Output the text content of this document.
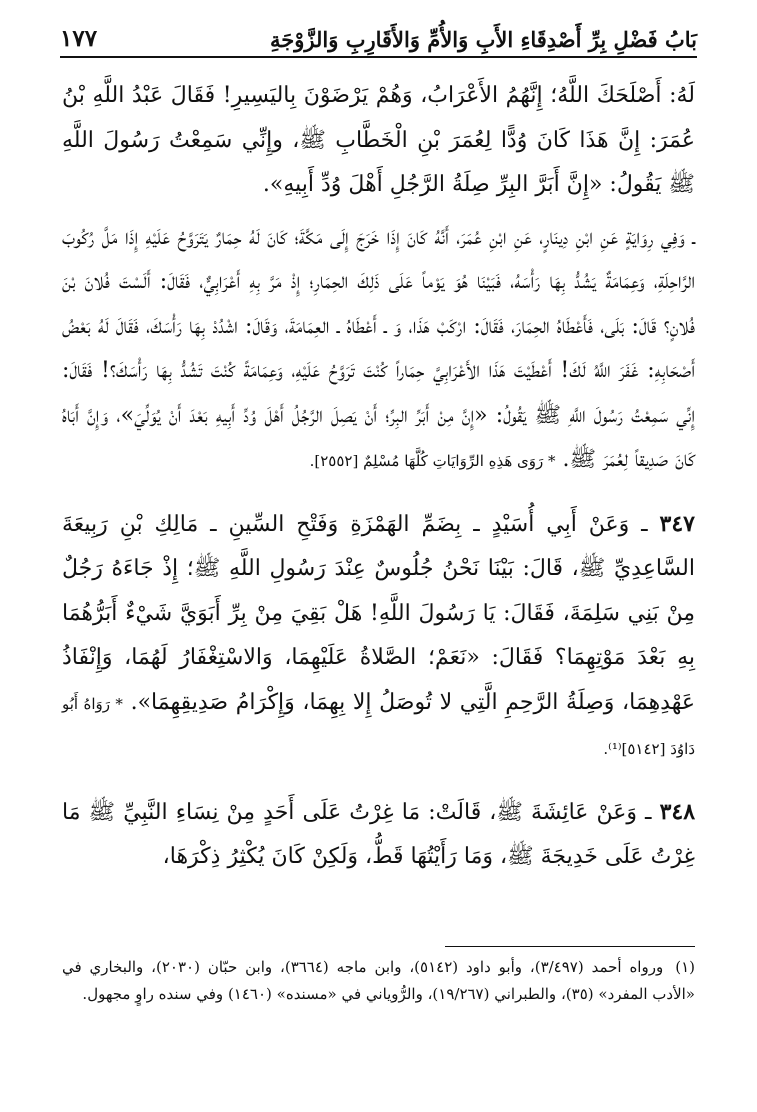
بَابُ فَضْلِ بِرِّ أَصْدِقَاءِ الأَبِ وَالأُمِّ وَالأَقَارِبِ وَالزَّوْجَةِ
١٧٧

لَهُ: أَصْلَحَكَ اللَّهُ؛ إِنَّهُمُ الأَعْرَابُ، وَهُمْ يَرْضَوْنَ بِاليَسِيرِ! فَقَالَ عَبْدُ اللَّهِ بْنُ عُمَرَ: إِنَّ هَذَا كَانَ وُدًّا لِعُمَرَ بْنِ الْخَطَّابِ ﷺ، وإِنِّي سَمِعْتُ رَسُولَ اللَّهِ ﷺ يَقُولُ: «إِنَّ أَبَرَّ البِرِّ صِلَةُ الرَّجُلِ أَهْلَ وُدِّ أَبِيهِ».

ـ وَفِي رِوَايَةٍ عَنِ ابْنِ دِينَارٍ، عَنِ ابْنِ عُمَرَ، أَنَّهُ كَانَ إِذَا خَرَجَ إِلَى مَكَّةَ؛ كَانَ لَهُ حِمَارٌ يَتَرَوَّحُ عَلَيْهِ إِذَا مَلَّ رُكُوبَ الرَّاحِلَةِ، وَعِمَامَةٌ يَشُدُّ بِهَا رَأْسَهُ، فَبَيْنَا هُوَ يَوْماً عَلَى ذَلِكَ الحِمَارِ؛ إِذْ مَرَّ بِهِ أَعْرَابِيٌّ، فَقَالَ: أَلَسْتَ فُلانَ بْنَ فُلانٍ؟ قَالَ: بَلَى، فَأَعْطَاهُ الحِمَارَ، فَقَالَ: ارْكَبْ هَذَا، وَ ـ أَعْطَاهُ ـ العِمَامَةَ، وَقَالَ: اشْدُدْ بِهَا رَأْسَكَ، فَقَالَ لَهُ بَعْضُ أَصْحَابِهِ: غَفَرَ اللَّهُ لَكَ! أَعْطَيْتَ هَذَا الأَعْرَابِيَّ حِمَاراً كُنْتَ تَرَوَّحُ عَلَيْهِ، وَعِمَامَةً كُنْتَ تَشُدُّ بِهَا رَأْسَكَ؟! فَقَالَ: إِنِّي سَمِعْتُ رَسُولَ اللَّهِ ﷺ يَقُولُ: «إِنَّ مِنْ أَبَرِّ البِرِّ؛ أَنْ يَصِلَ الرَّجُلُ أَهْلَ وُدِّ أَبِيهِ بَعْدَ أَنْ يُوَلِّيَ»، وَإِنَّ أَبَاهُ كَانَ صَدِيقاً لِعُمَرَ ﷺ. * رَوَى هَذِهِ الرِّوَايَاتِ كُلَّهَا مُسْلِمٌ [٢٥٥٢].

٣٤٧ ـ وَعَنْ أَبِي أُسَيْدٍ ـ بِضَمِّ الهَمْزَةِ وَفَتْحِ السِّينِ ـ مَالِكِ بْنِ رَبِيعَةَ السَّاعِدِيِّ ﷺ، قَالَ: بَيْنَا نَحْنُ جُلُوسٌ عِنْدَ رَسُولِ اللَّهِ ﷺ؛ إِذْ جَاءَهُ رَجُلٌ مِنْ بَنِي سَلِمَةَ، فَقَالَ: يَا رَسُولَ اللَّهِ! هَلْ بَقِيَ مِنْ بِرِّ أَبَوَيَّ شَيْءٌ أَبَرُّهُمَا بِهِ بَعْدَ مَوْتِهِمَا؟ فَقَالَ: «نَعَمْ؛ الصَّلاةُ عَلَيْهِمَا، وَالاسْتِغْفَارُ لَهُمَا، وَإِنْفَاذُ عَهْدِهِمَا، وَصِلَةُ الرَّحِمِ الَّتِي لا تُوصَلُ إِلا بِهِمَا، وَإِكْرَامُ صَدِيقِهِمَا». * رَوَاهُ أَبُو دَاوُدَ [٥١٤٢]⁽¹⁾.

٣٤٨ ـ وَعَنْ عَائِشَةَ ﷺ، قَالَتْ: مَا غِرْتُ عَلَى أَحَدٍ مِنْ نِسَاءِ النَّبِيِّ ﷺ مَا غِرْتُ عَلَى خَدِيجَةَ ﷺ، وَمَا رَأَيْتُهَا قَطُّ، وَلَكِنْ كَانَ يُكْثِرُ ذِكْرَهَا،

(١)ورواه أحمد (٣/٤٩٧)، وأبو داود (٥١٤٢)، وابن ماجه (٣٦٦٤)، وابن حبّان (٢٠٣٠)، والبخاري في «الأدب المفرد» (٣٥)، والطبراني (١٩/٢٦٧)، والرُّوياني في «مسنده» (١٤٦٠) وفي سنده راوٍ مجهول.
